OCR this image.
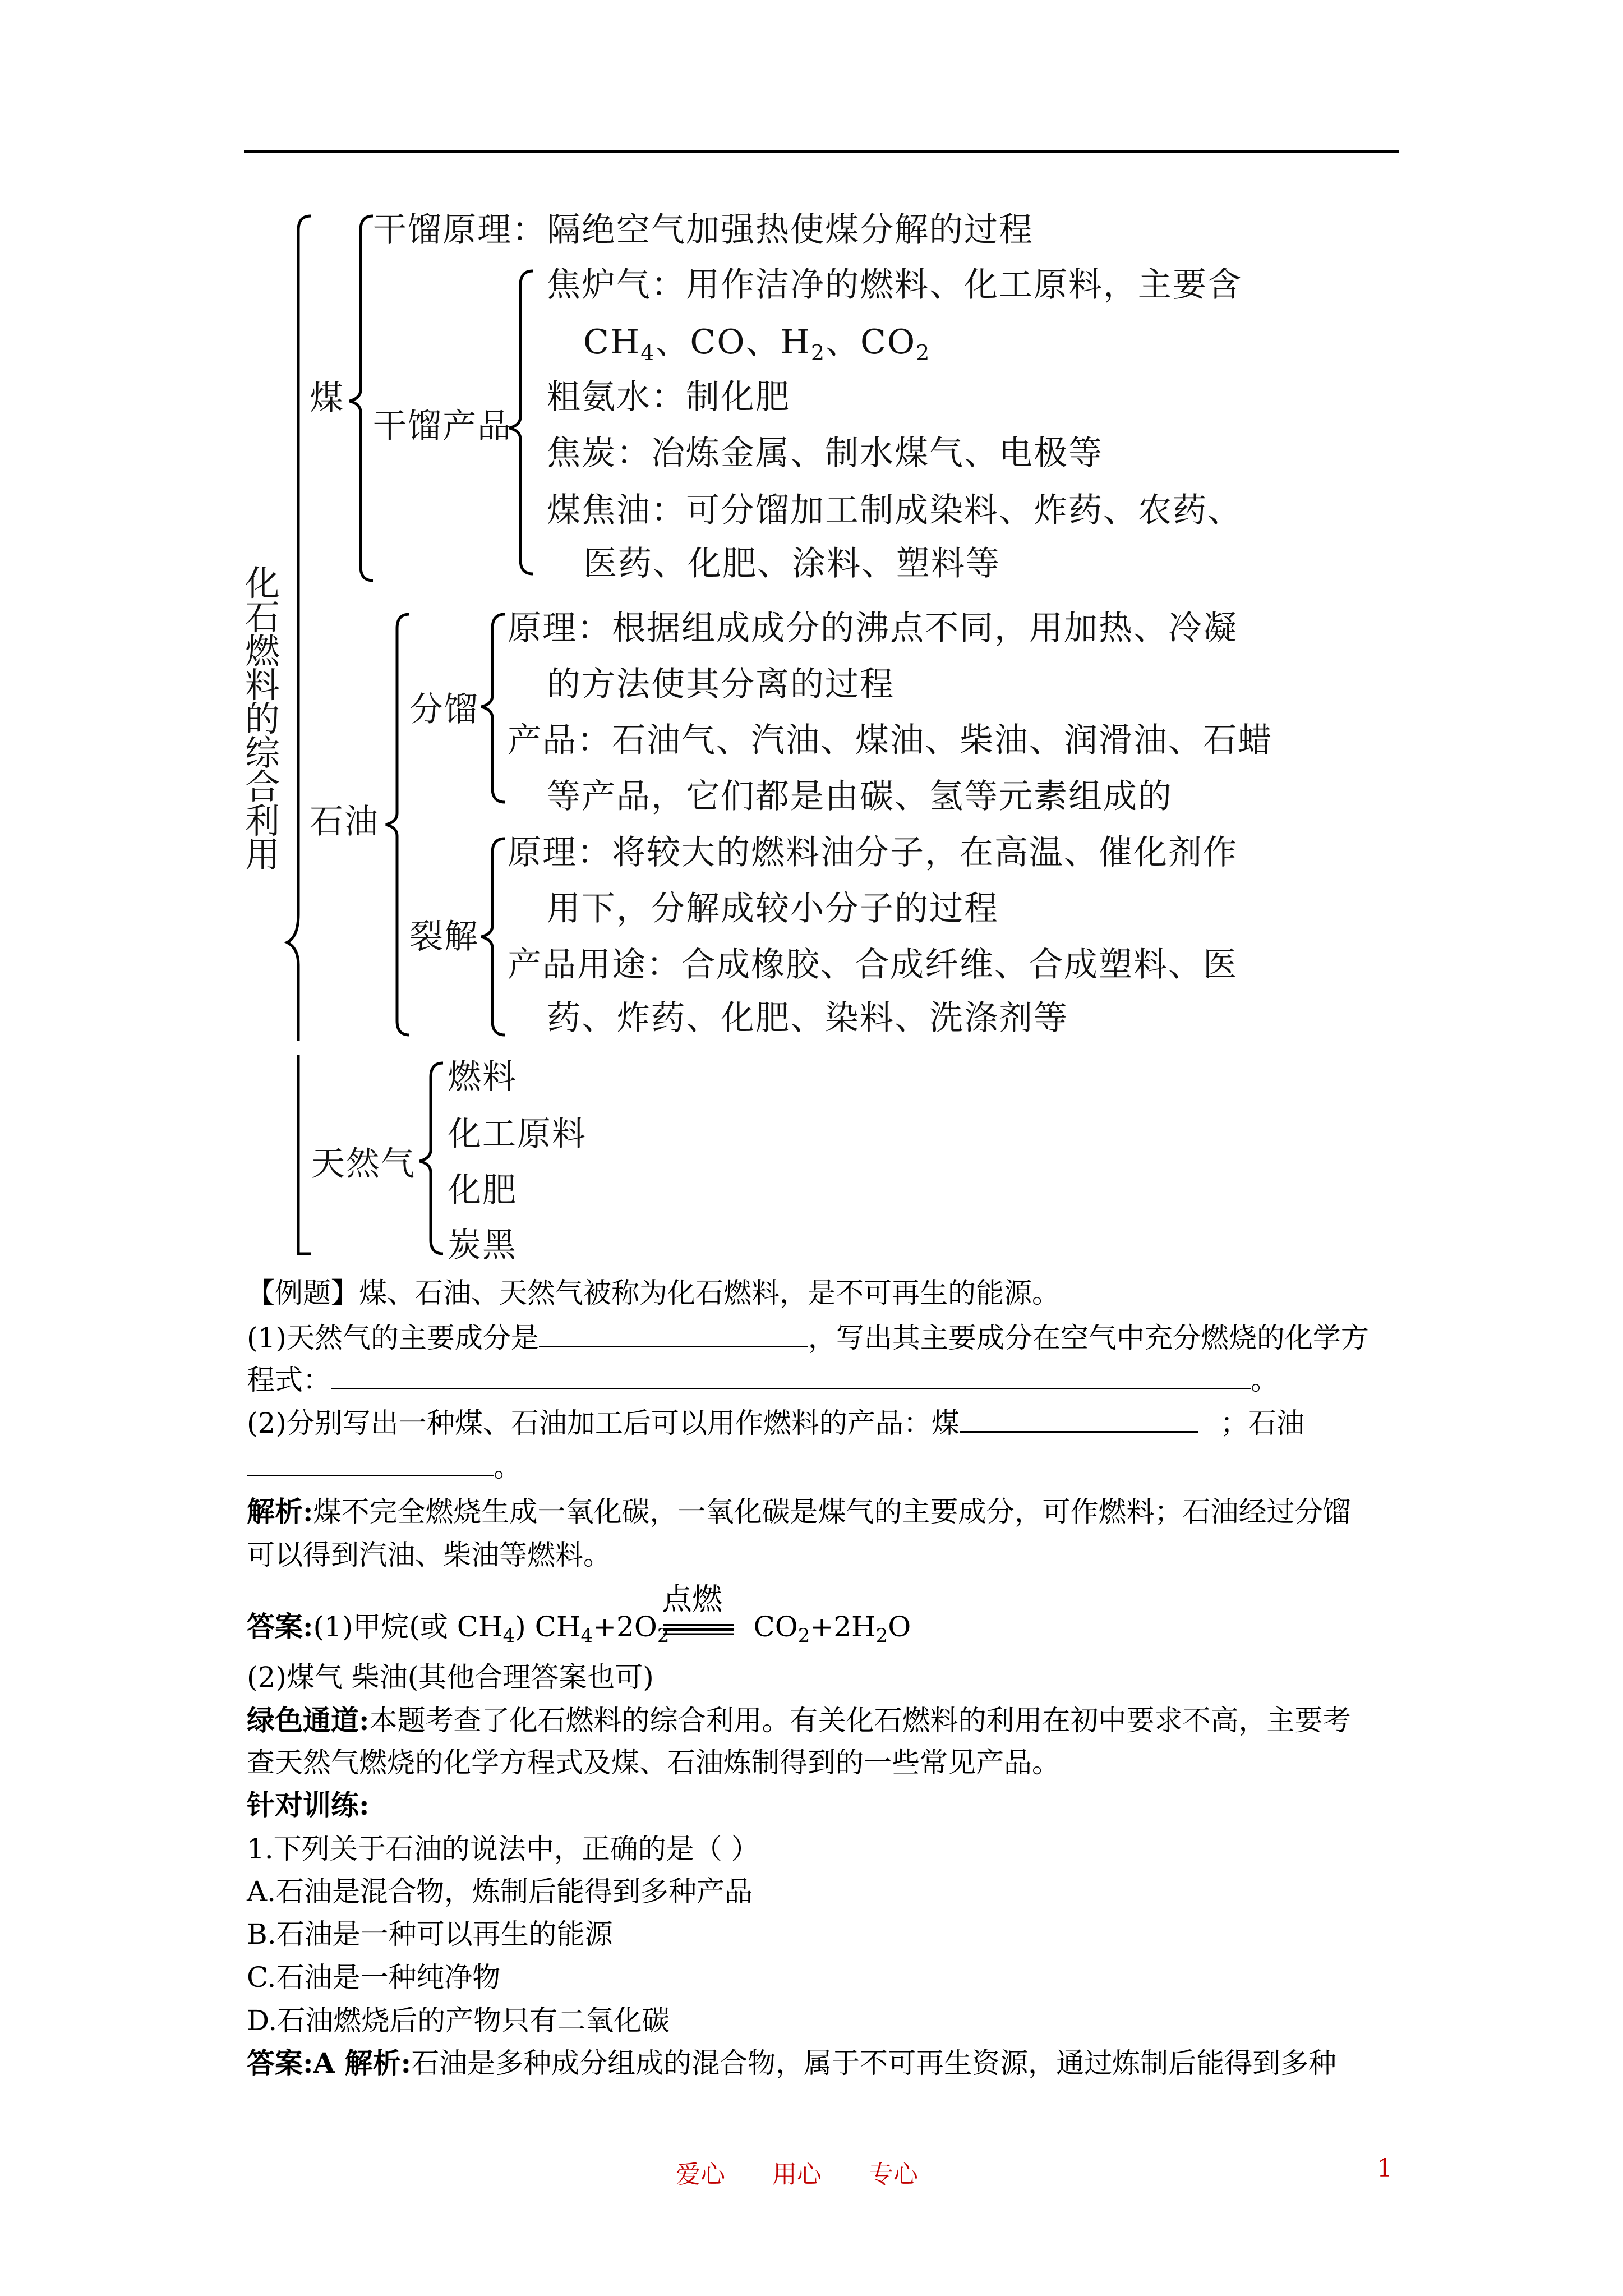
化石燃料的综合利用
煤
干馏原理：隔绝空气加强热使煤分解的过程
干馏产品
焦炉气：用作洁净的燃料、化工原料，主要含
$CH_4$、CO、$H_2$、$CO_2$
粗氨水：制化肥
焦炭：冶炼金属、制水煤气、电极等
煤焦油：可分馏加工制成染料、炸药、农药、
医药、化肥、涂料、塑料等
石油
分馏
原理：根据组成成分的沸点不同，用加热、冷凝
的方法使其分离的过程
产品：石油气、汽油、煤油、柴油、润滑油、石蜡
等产品，它们都是由碳、氢等元素组成的
裂解
原理：将较大的燃料油分子，在高温、催化剂作
用下，分解成较小分子的过程
产品用途：合成橡胶、合成纤维、合成塑料、医
药、炸药、化肥、染料、洗涤剂等
天然气
燃料
化工原料
化肥
炭黑
【例题】煤、石油、天然气被称为化石燃料，是不可再生的能源。
(1)天然气的主要成分是	，写出其主要成分在空气中充分燃烧的化学方
程式：	。
(2)分别写出一种煤、石油加工后可以用作燃料的产品：煤	；石油
。
解析:煤不完全燃烧生成一氧化碳，一氧化碳是煤气的主要成分，可作燃料；石油经过分馏
可以得到汽油、柴油等燃料。
答案:(1)甲烷(或 $CH_4$) $CH_4+2O_2$	$CO_2+2H_2O$
点燃
(2)煤气 柴油(其他合理答案也可)
绿色通道:本题考查了化石燃料的综合利用。有关化石燃料的利用在初中要求不高，主要考
查天然气燃烧的化学方程式及煤、石油炼制得到的一些常见产品。
针对训练:
1.下列关于石油的说法中，正确的是（ ）
A.石油是混合物，炼制后能得到多种产品
B.石油是一种可以再生的能源
C.石油是一种纯净物
D.石油燃烧后的产物只有二氧化碳
答案:A 解析:石油是多种成分组成的混合物，属于不可再生资源，通过炼制后能得到多种
爱心      用心      专心	1
